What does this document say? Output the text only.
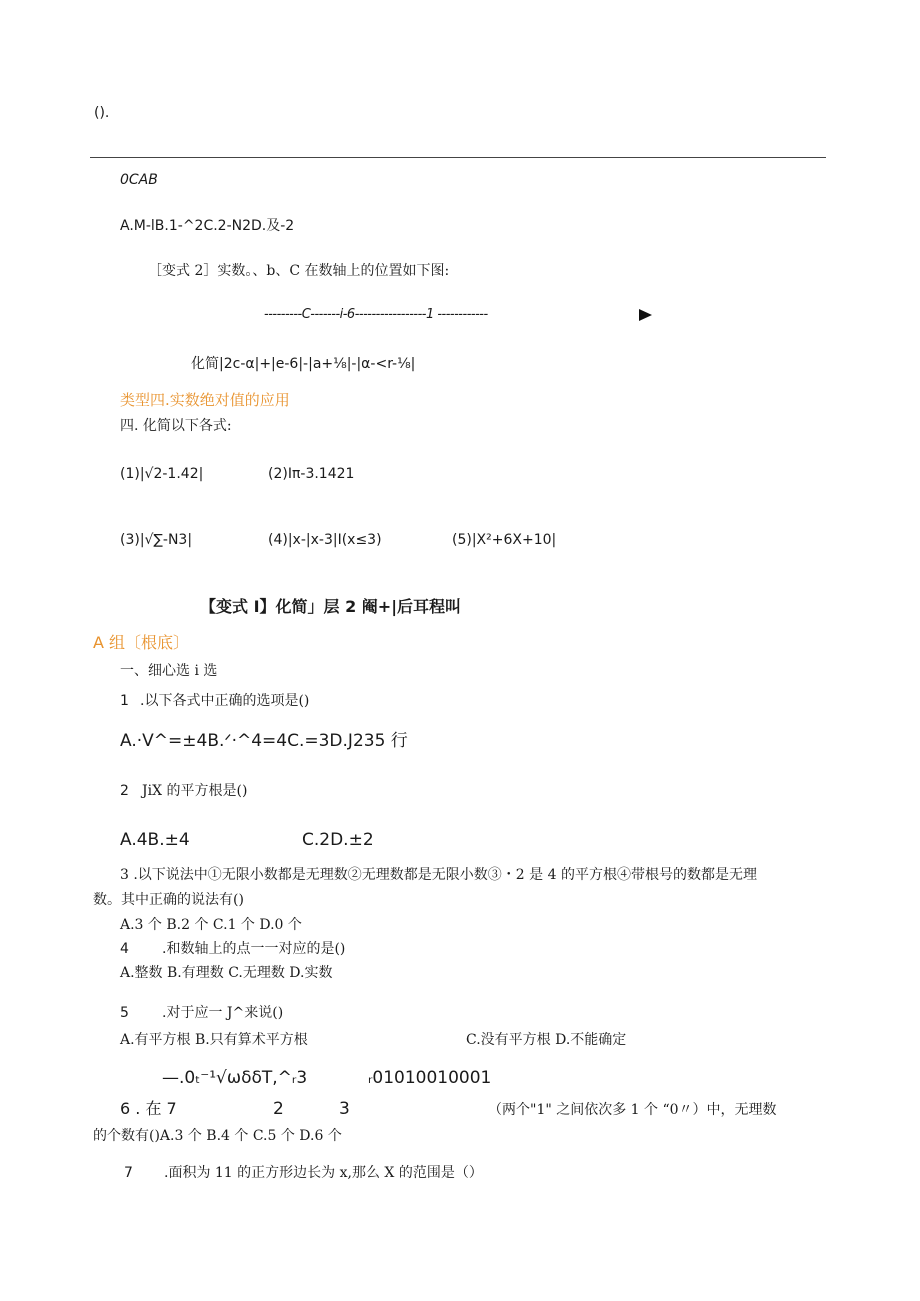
().
0CAB
A.M-lB.1-^2C.2-N2D.及-2
［变式 2］实数。、b、C 在数轴上的位置如下图:
---------C-------i-6-----------------1 ------------
化简|2c-α|+|e-6|-|a+⅛|-|α-<r-⅛|
类型四.实数绝对值的应用
四. 化简以下各式:
(1)|√2-1.42|	(2)Iπ-3.1421
(3)|√∑-N3|	(4)|x-|x-3|I(x≤3)	(5)|X²+6X+10|
【变式 I】化简」层 2 阉+|后耳程叫
A 组〔根底〕
一、细心选 i 选
1 .以下各式中正确的选项是()
A.·V^=±4B.ᐟ·^4=4C.=3D.J235 行
2 JiX 的平方根是()
A.4B.±4	C.2D.±2
3 .以下说法中①无限小数都是无理数②无理数都是无限小数③・2 是 4 的平方根④带根号的数都是无理
数。其中正确的说法有()
A.3 个 B.2 个 C.1 个 D.0 个
4 .和数轴上的点一一对应的是()
A.整数 B.有理数 C.无理数 D.实数
5 .对于应一 J^来说()
A.有平方根 B.只有算术平方根	C.没有平方根 D.不能确定
—.0ₜ⁻¹√ωδδT,^ᵣ3	ᵣ01010010001
6 . 在 7	2	3	（两个"1" 之间依次多 1 个 “0〃）中，无理数
的个数有()A.3 个 B.4 个 C.5 个 D.6 个
7 .面积为 11 的正方形边长为 x,那么 X 的范围是（）
